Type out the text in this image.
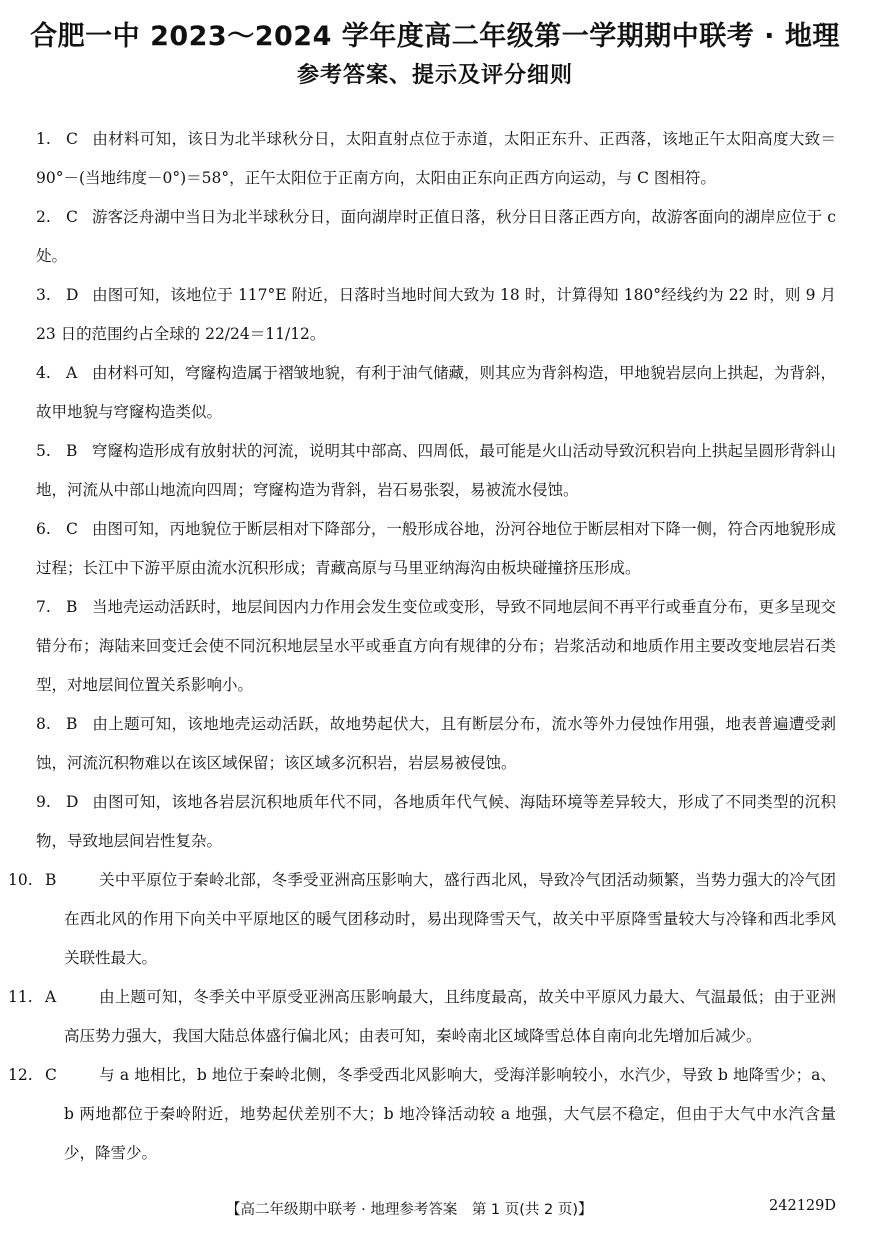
合肥一中 2023～2024 学年度高二年级第一学期期中联考 · 地理
参考答案、提示及评分细则
1. C 由材料可知，该日为北半球秋分日，太阳直射点位于赤道，太阳正东升、正西落，该地正午太阳高度大致＝90°－(当地纬度－0°)＝58°，正午太阳位于正南方向，太阳由正东向正西方向运动，与 C 图相符。
2. C 游客泛舟湖中当日为北半球秋分日，面向湖岸时正值日落，秋分日日落正西方向，故游客面向的湖岸应位于 c 处。
3. D 由图可知，该地位于 117°E 附近，日落时当地时间大致为 18 时，计算得知 180°经线约为 22 时，则 9 月 23 日的范围约占全球的 22/24＝11/12。
4. A 由材料可知，穹窿构造属于褶皱地貌，有利于油气储藏，则其应为背斜构造，甲地貌岩层向上拱起，为背斜，故甲地貌与穹窿构造类似。
5. B 穹窿构造形成有放射状的河流，说明其中部高、四周低，最可能是火山活动导致沉积岩向上拱起呈圆形背斜山地，河流从中部山地流向四周；穹窿构造为背斜，岩石易张裂，易被流水侵蚀。
6. C 由图可知，丙地貌位于断层相对下降部分，一般形成谷地，汾河谷地位于断层相对下降一侧，符合丙地貌形成过程；长江中下游平原由流水沉积形成；青藏高原与马里亚纳海沟由板块碰撞挤压形成。
7. B 当地壳运动活跃时，地层间因内力作用会发生变位或变形，导致不同地层间不再平行或垂直分布，更多呈现交错分布；海陆来回变迁会使不同沉积地层呈水平或垂直方向有规律的分布；岩浆活动和地质作用主要改变地层岩石类型，对地层间位置关系影响小。
8. B 由上题可知，该地地壳运动活跃，故地势起伏大，且有断层分布，流水等外力侵蚀作用强，地表普遍遭受剥蚀，河流沉积物难以在该区域保留；该区域多沉积岩，岩层易被侵蚀。
9. D 由图可知，该地各岩层沉积地质年代不同，各地质年代气候、海陆环境等差异较大，形成了不同类型的沉积物，导致地层间岩性复杂。
10. B	关中平原位于秦岭北部，冬季受亚洲高压影响大，盛行西北风，导致冷气团活动频繁，当势力强大的冷气团在西北风的作用下向关中平原地区的暖气团移动时，易出现降雪天气，故关中平原降雪量较大与冷锋和西北季风关联性最大。
11. A	由上题可知，冬季关中平原受亚洲高压影响最大，且纬度最高，故关中平原风力最大、气温最低；由于亚洲高压势力强大，我国大陆总体盛行偏北风；由表可知，秦岭南北区域降雪总体自南向北先增加后减少。
12. C	与 a 地相比，b 地位于秦岭北侧，冬季受西北风影响大，受海洋影响较小，水汽少，导致 b 地降雪少；a、b 两地都位于秦岭附近，地势起伏差别不大；b 地冷锋活动较 a 地强，大气层不稳定，但由于大气中水汽含量少，降雪少。
【高二年级期中联考 · 地理参考答案　第 1 页(共 2 页)】	242129D
